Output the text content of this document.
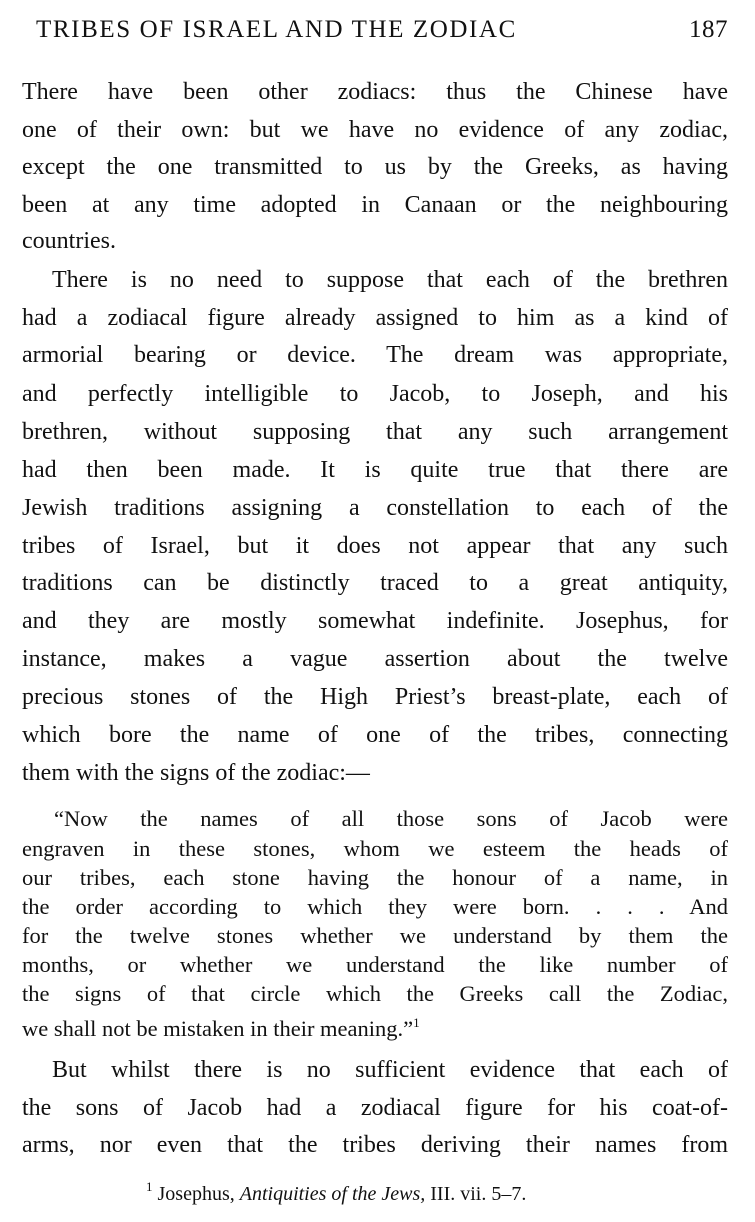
TRIBES OF ISRAEL AND THE ZODIAC	187

There have been other zodiacs: thus the Chinese have

one of their own: but we have no evidence of any zodiac,

except the one transmitted to us by the Greeks, as having

been at any time adopted in Canaan or the neighbouring

countries.

There is no need to suppose that each of the brethren

had a zodiacal figure already assigned to him as a kind of

armorial bearing or device. The dream was appropriate,

and perfectly intelligible to Jacob, to Joseph, and his

brethren, without supposing that any such arrangement

had then been made. It is quite true that there are

Jewish traditions assigning a constellation to each of the

tribes of Israel, but it does not appear that any such

traditions can be distinctly traced to a great antiquity,

and they are mostly somewhat indefinite. Josephus, for

instance, makes a vague assertion about the twelve

precious stones of the High Priest’s breast-plate, each of

which bore the name of one of the tribes, connecting

them with the signs of the zodiac:—

“Now the names of all those sons of Jacob were

engraven in these stones, whom we esteem the heads of

our tribes, each stone having the honour of a name, in

the order according to which they were born. . . . And

for the twelve stones whether we understand by them the

months, or whether we understand the like number of

the signs of that circle which the Greeks call the Zodiac,

we shall not be mistaken in their meaning.”$^1$

But whilst there is no sufficient evidence that each of

the sons of Jacob had a zodiacal figure for his coat-of-

arms, nor even that the tribes deriving their names from

$^1$ Josephus, Antiquities of the Jews, III. vii. 5–7.
